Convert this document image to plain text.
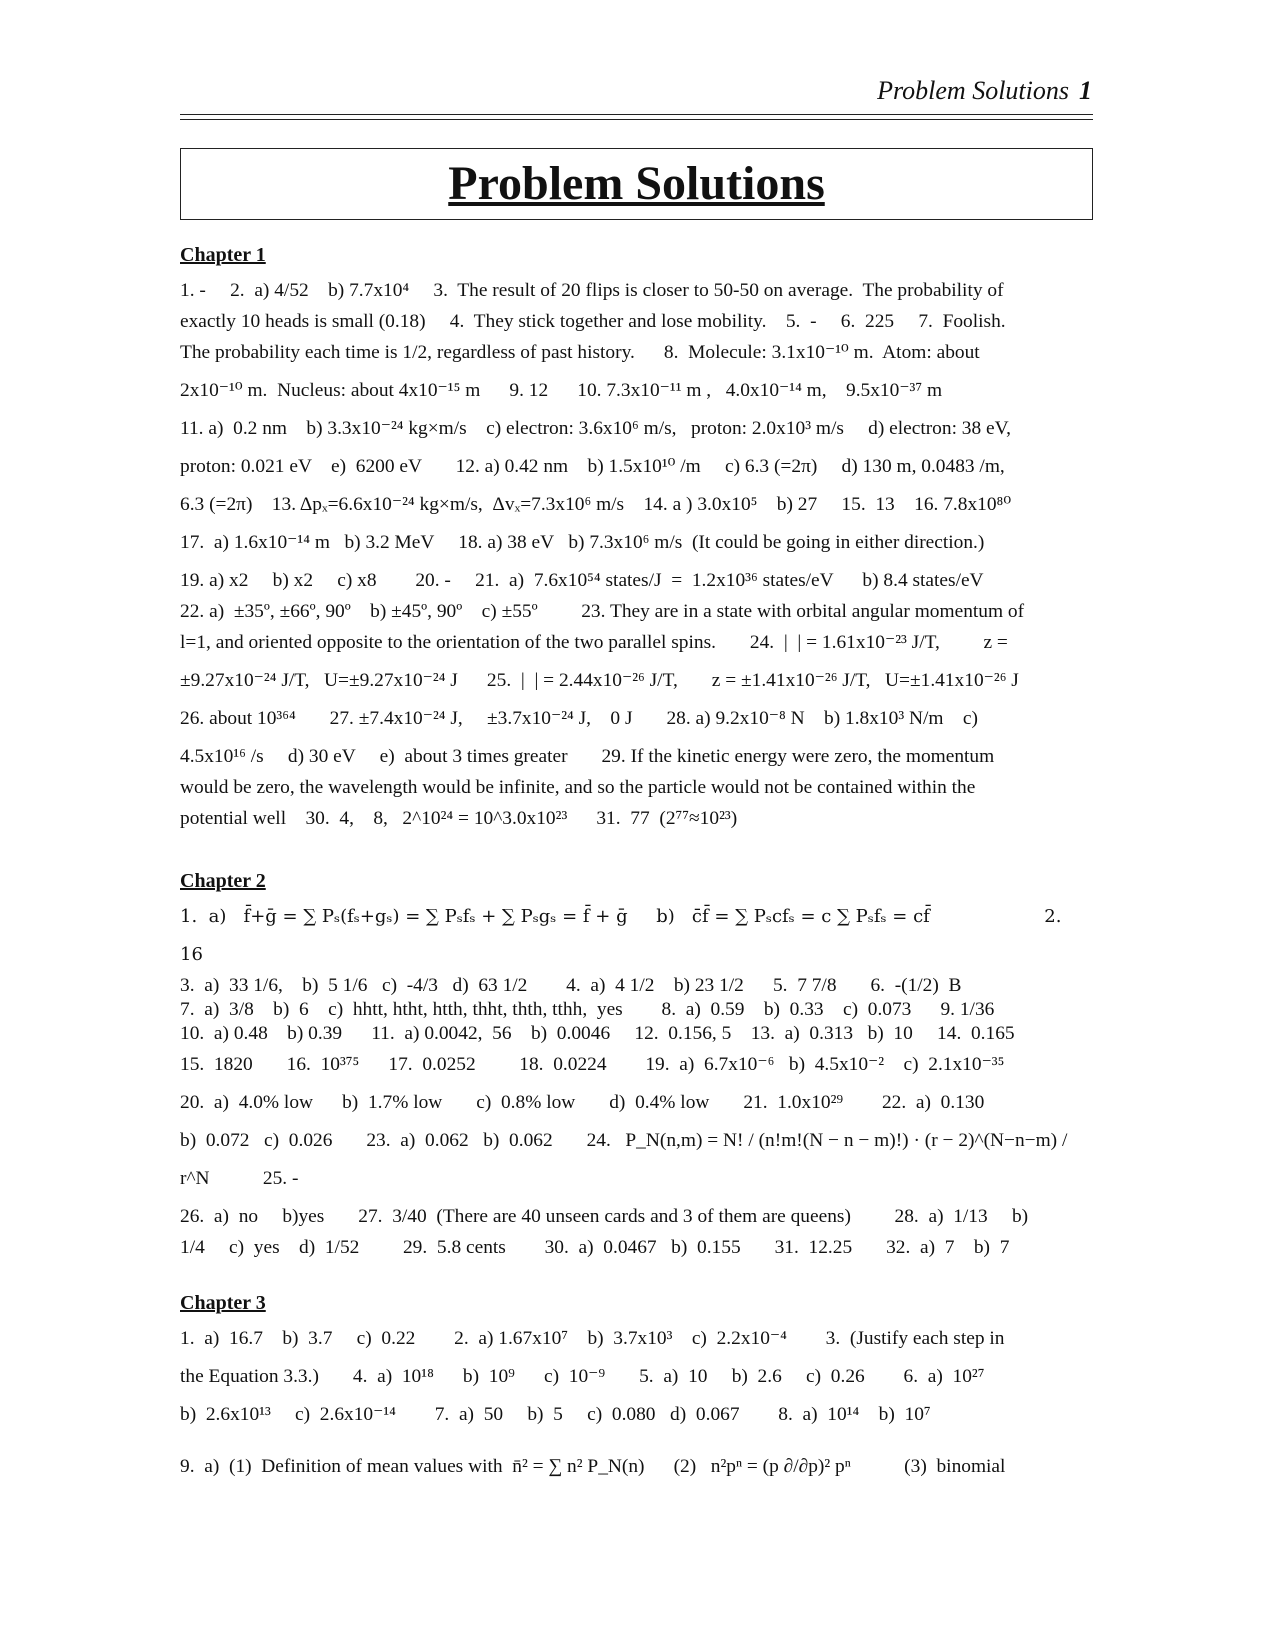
Problem Solutions 1
Problem Solutions
Chapter 1

1. -     2.  a) 4/52    b) 7.7x10⁴     3.  The result of 20 flips is closer to 50-50 on average.  The probability of

exactly 10 heads is small (0.18)     4.  They stick together and lose mobility.    5.  -     6.  225     7.  Foolish.

The probability each time is 1/2, regardless of past history.      8.  Molecule: 3.1x10⁻¹⁰ m.  Atom: about

2x10⁻¹⁰ m.  Nucleus: about 4x10⁻¹⁵ m      9. 12      10. 7.3x10⁻¹¹ m ,   4.0x10⁻¹⁴ m,    9.5x10⁻³⁷ m

11. a)  0.2 nm    b) 3.3x10⁻²⁴ kg×m/s    c) electron: 3.6x10⁶ m/s,   proton: 2.0x10³ m/s     d) electron: 38 eV,

proton: 0.021 eV    e)  6200 eV       12. a) 0.42 nm    b) 1.5x10¹⁰ /m     c) 6.3 (=2π)     d) 130 m, 0.0483 /m,

6.3 (=2π)    13. Δpₓ=6.6x10⁻²⁴ kg×m/s,  Δvₓ=7.3x10⁶ m/s    14. a ) 3.0x10⁵    b) 27     15.  13    16. 7.8x10⁸⁰

17.  a) 1.6x10⁻¹⁴ m   b) 3.2 MeV     18. a) 38 eV   b) 7.3x10⁶ m/s  (It could be going in either direction.)

19. a) x2     b) x2     c) x8        20. -     21.  a)  7.6x10⁵⁴ states/J  =  1.2x10³⁶ states/eV      b) 8.4 states/eV

22. a)  ±35º, ±66º, 90º    b) ±45º, 90º    c) ±55º         23. They are in a state with orbital angular momentum of

l=1, and oriented opposite to the orientation of the two parallel spins.       24.  |  | = 1.61x10⁻²³ J/T,         z =

±9.27x10⁻²⁴ J/T,   U=±9.27x10⁻²⁴ J      25.  |  | = 2.44x10⁻²⁶ J/T,       z = ±1.41x10⁻²⁶ J/T,   U=±1.41x10⁻²⁶ J

26. about 10³⁶⁴       27. ±7.4x10⁻²⁴ J,     ±3.7x10⁻²⁴ J,    0 J       28. a) 9.2x10⁻⁸ N    b) 1.8x10³ N/m    c)

4.5x10¹⁶ /s     d) 30 eV     e)  about 3 times greater       29. If the kinetic energy were zero, the momentum

would be zero, the wavelength would be infinite, and so the particle would not be contained within the

potential well    30.  4,    8,   2^10²⁴ = 10^3.0x10²³      31.  77  (2⁷⁷≈10²³)

Chapter 2

1.  a)   f̄+ḡ = ∑ Pₛ(fₛ+gₛ) = ∑ Pₛfₛ + ∑ Pₛgₛ = f̄ + ḡ     b)   c̄f̄ = ∑ Pₛcfₛ = c ∑ Pₛfₛ = cf̄                    2.  16

3.  a)  33 1/6,    b)  5 1/6   c)  -4/3   d)  63 1/2        4.  a)  4 1/2    b) 23 1/2      5.  7 7/8       6.  -(1/2)  B

7.  a)  3/8    b)  6    c)  hhtt, htht, htth, thht, thth, tthh,  yes        8.  a)  0.59    b)  0.33    c)  0.073      9. 1/36

10.  a) 0.48    b) 0.39      11.  a) 0.0042,  56    b)  0.0046     12.  0.156, 5    13.  a)  0.313   b)  10     14.  0.165

15.  1820       16.  10³⁷⁵      17.  0.0252         18.  0.0224        19.  a)  6.7x10⁻⁶   b)  4.5x10⁻²    c)  2.1x10⁻³⁵

20.  a)  4.0% low      b)  1.7% low       c)  0.8% low       d)  0.4% low       21.  1.0x10²⁹        22.  a)  0.130

b)  0.072   c)  0.026       23.  a)  0.062   b)  0.062       24.   P_N(n,m) = N! / (n!m!(N − n − m)!) · (r − 2)^(N−n−m) / r^N           25. -

26.  a)  no     b)yes       27.  3/40  (There are 40 unseen cards and 3 of them are queens)         28.  a)  1/13     b)

1/4     c)  yes    d)  1/52         29.  5.8 cents        30.  a)  0.0467   b)  0.155       31.  12.25       32.  a)  7    b)  7

Chapter 3

1.  a)  16.7    b)  3.7     c)  0.22        2.  a) 1.67x10⁷    b)  3.7x10³    c)  2.2x10⁻⁴        3.  (Justify each step in

the Equation 3.3.)       4.  a)  10¹⁸      b)  10⁹      c)  10⁻⁹       5.  a)  10     b)  2.6     c)  0.26        6.  a)  10²⁷

b)  2.6x10¹³     c)  2.6x10⁻¹⁴        7.  a)  50     b)  5     c)  0.080   d)  0.067        8.  a)  10¹⁴    b)  10⁷

9.  a)  (1)  Definition of mean values with  n̄² = ∑ n² P_N(n)      (2)   n²pⁿ = (p ∂/∂p)² pⁿ           (3)  binomial
